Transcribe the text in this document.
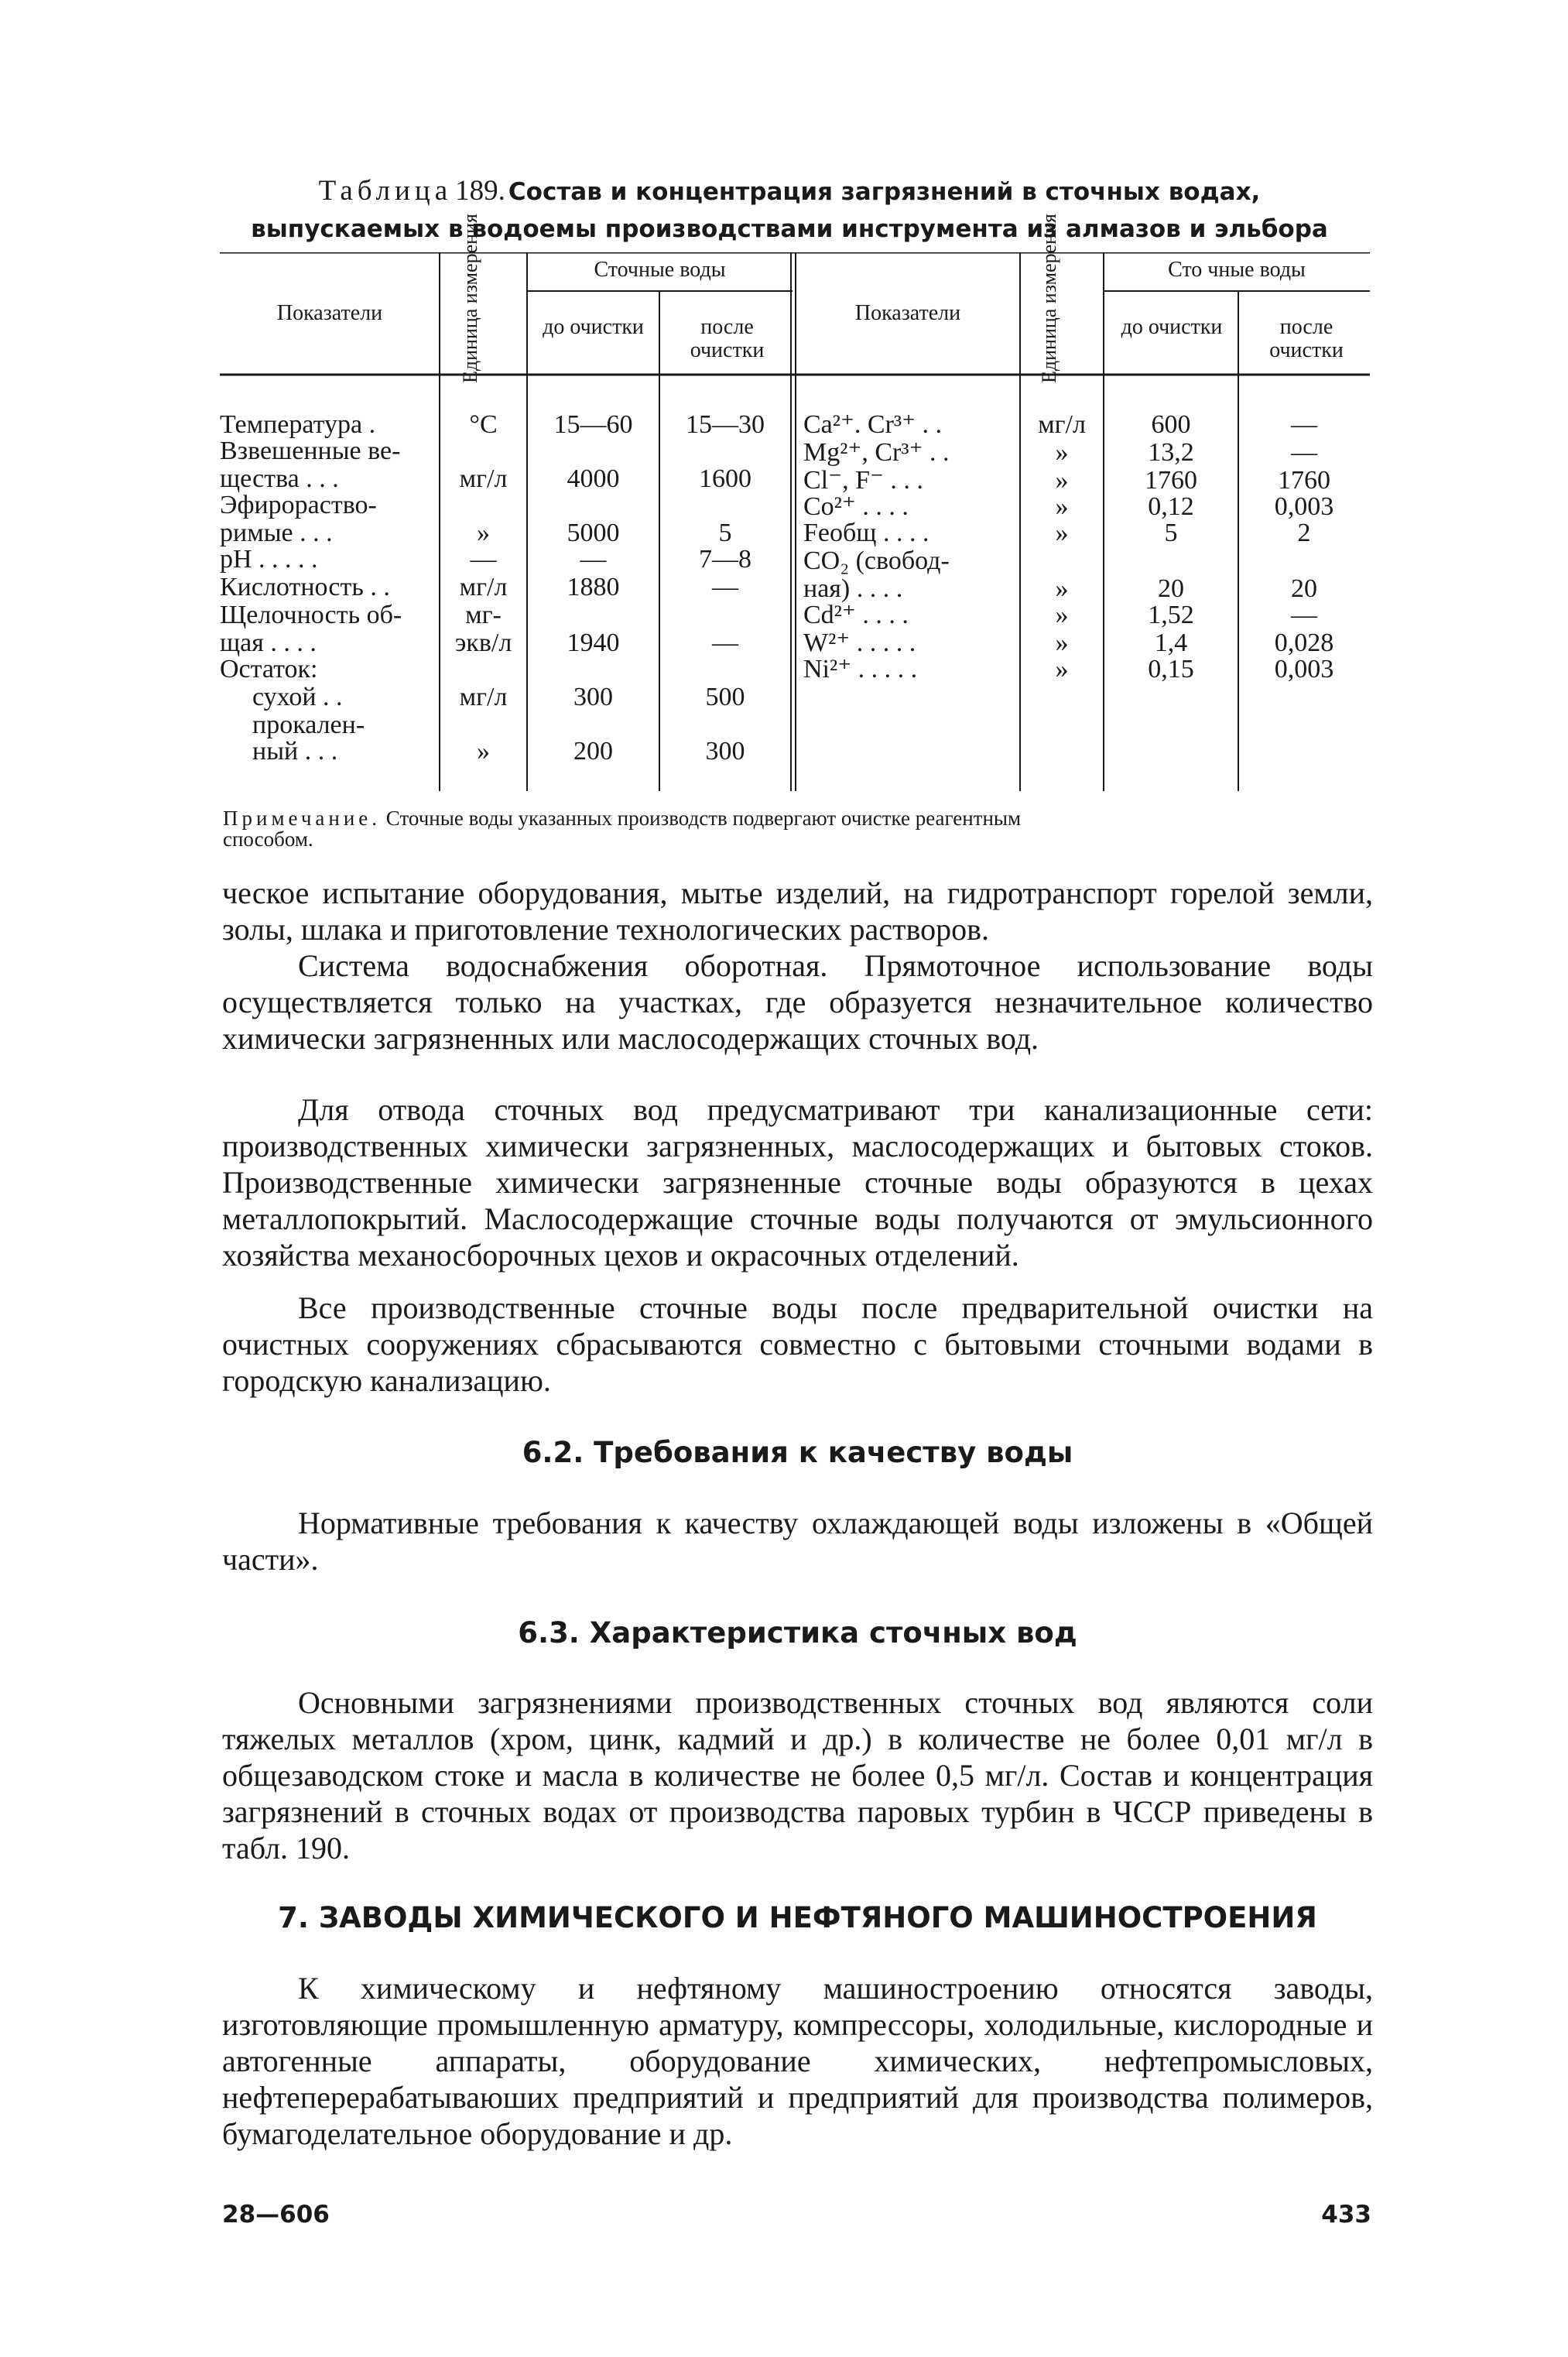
Таблица 189. Состав и концентрация загрязнений в сточных водах,
выпускаемых в водоемы производствами инструмента из алмазов и эльбора
Показатели	Единица измерения	Сточные воды
до очистки	после очистки
Показатели	Единица измерения	Сто чные воды
до очистки	после очистки
Температура .	°С	15—60	15—30
Взвешенные ве-
щества . . .	мг/л	4000	1600
Эфирораство-
римые . . .	»	5000	5
pH . . . . .	—	—	7—8
Кислотность . .	мг/л	1880	—
Щелочность об-	мг-
щая . . . .	экв/л	1940	—
Остаток:
сухой . .	мг/л	300	500
прокален-
ный . . .	»	200	300
Ca²⁺. Cr³⁺ . .	мг/л	600	—
Mg²⁺, Cr³⁺ . .	»	13,2	—
Cl⁻, F⁻ . . .	»	1760	1760
Co²⁺ . . . .	»	0,12	0,003
Feобщ . . . .	»	5	2
CO₂ (свобод-
ная) . . . .	»	20	20
Cd²⁺ . . . .	»	1,52	—
W²⁺ . . . . .	»	1,4	0,028
Ni²⁺ . . . . .	»	0,15	0,003
Примечание. Сточные воды указанных производств подвергают очистке реагентным
способом.
ческое испытание оборудования, мытье изделий, на гидротранспорт горелой земли, золы, шлака и приготовление технологических растворов.
Система водоснабжения оборотная. Прямоточное использование воды осуществляется только на участках, где образуется незначительное количество химически загрязненных или маслосодержащих сточных вод.
Для отвода сточных вод предусматривают три канализационные сети: производственных химически загрязненных, маслосодержащих и бытовых стоков. Производственные химически загрязненные сточные воды образуются в цехах металлопокрытий. Маслосодержащие сточные воды получаются от эмульсионного хозяйства механосборочных цехов и окрасочных отделений.
Все производственные сточные воды после предварительной очистки на очистных сооружениях сбрасываются совместно с бытовыми сточными водами в городскую канализацию.
6.2. Требования к качеству воды
Нормативные требования к качеству охлаждающей воды изложены в «Общей части».
6.3. Характеристика сточных вод
Основными загрязнениями производственных сточных вод являются соли тяжелых металлов (хром, цинк, кадмий и др.) в количестве не более 0,01 мг/л в общезаводском стоке и масла в количестве не более 0,5 мг/л. Состав и концентрация загрязнений в сточных водах от производства паровых турбин в ЧССР приведены в табл. 190.
7. ЗАВОДЫ ХИМИЧЕСКОГО И НЕФТЯНОГО МАШИНОСТРОЕНИЯ
К химическому и нефтяному машиностроению относятся заводы, изготовляющие промышленную арматуру, компрессоры, холодильные, кислородные и автогенные аппараты, оборудование химических, нефтепромысловых, нефтеперерабатываюших предприятий и предприятий для производства полимеров, бумагоделательное оборудование и др.
28—606	433
